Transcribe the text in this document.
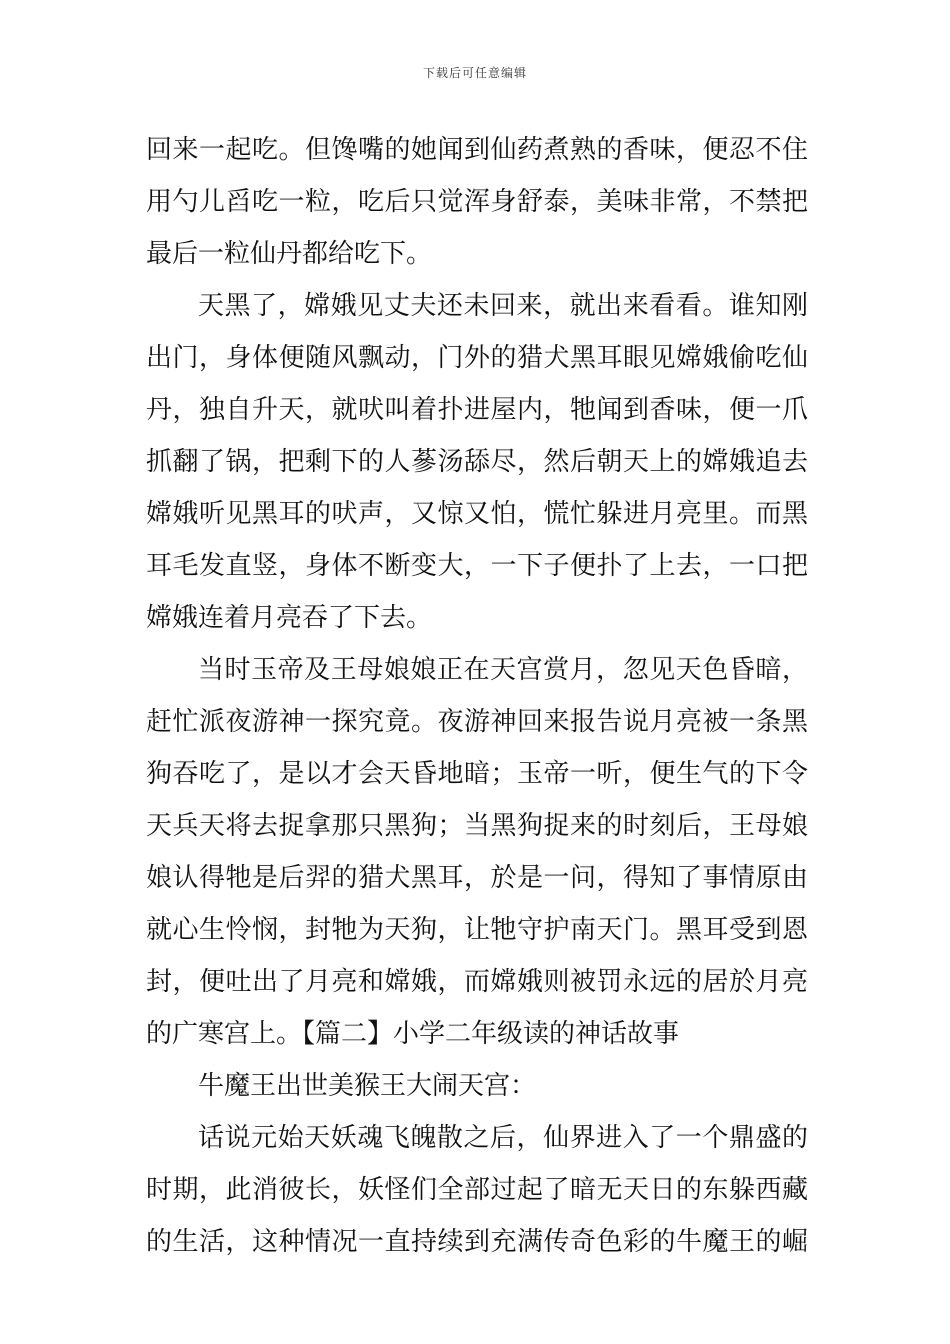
下载后可任意编辑
回来一起吃。但馋嘴的她闻到仙药煮熟的香味，便忍不住
用勺儿舀吃一粒，吃后只觉浑身舒泰，美味非常，不禁把
最后一粒仙丹都给吃下。
天黑了，嫦娥见丈夫还未回来，就出来看看。谁知刚
出门，身体便随风飘动，门外的猎犬黑耳眼见嫦娥偷吃仙
丹，独自升天，就吠叫着扑进屋内，牠闻到香味，便一爪
抓翻了锅，把剩下的人蔘汤舔尽，然后朝天上的嫦娥追去
嫦娥听见黑耳的吠声，又惊又怕，慌忙躲进月亮里。而黑
耳毛发直竖，身体不断变大，一下子便扑了上去，一口把
嫦娥连着月亮吞了下去。
当时玉帝及王母娘娘正在天宫赏月，忽见天色昏暗，
赶忙派夜游神一探究竟。夜游神回来报告说月亮被一条黑
狗吞吃了，是以才会天昏地暗；玉帝一听，便生气的下令
天兵天将去捉拿那只黑狗；当黑狗捉来的时刻后，王母娘
娘认得牠是后羿的猎犬黑耳，於是一问，得知了事情原由
就心生怜悯，封牠为天狗，让牠守护南天门。黑耳受到恩
封，便吐出了月亮和嫦娥，而嫦娥则被罚永远的居於月亮
的广寒宫上。【篇二】小学二年级读的神话故事
牛魔王出世美猴王大闹天宫：
话说元始天妖魂飞魄散之后，仙界进入了一个鼎盛的
时期，此消彼长，妖怪们全部过起了暗无天日的东躲西藏
的生活，这种情况一直持续到充满传奇色彩的牛魔王的崛
